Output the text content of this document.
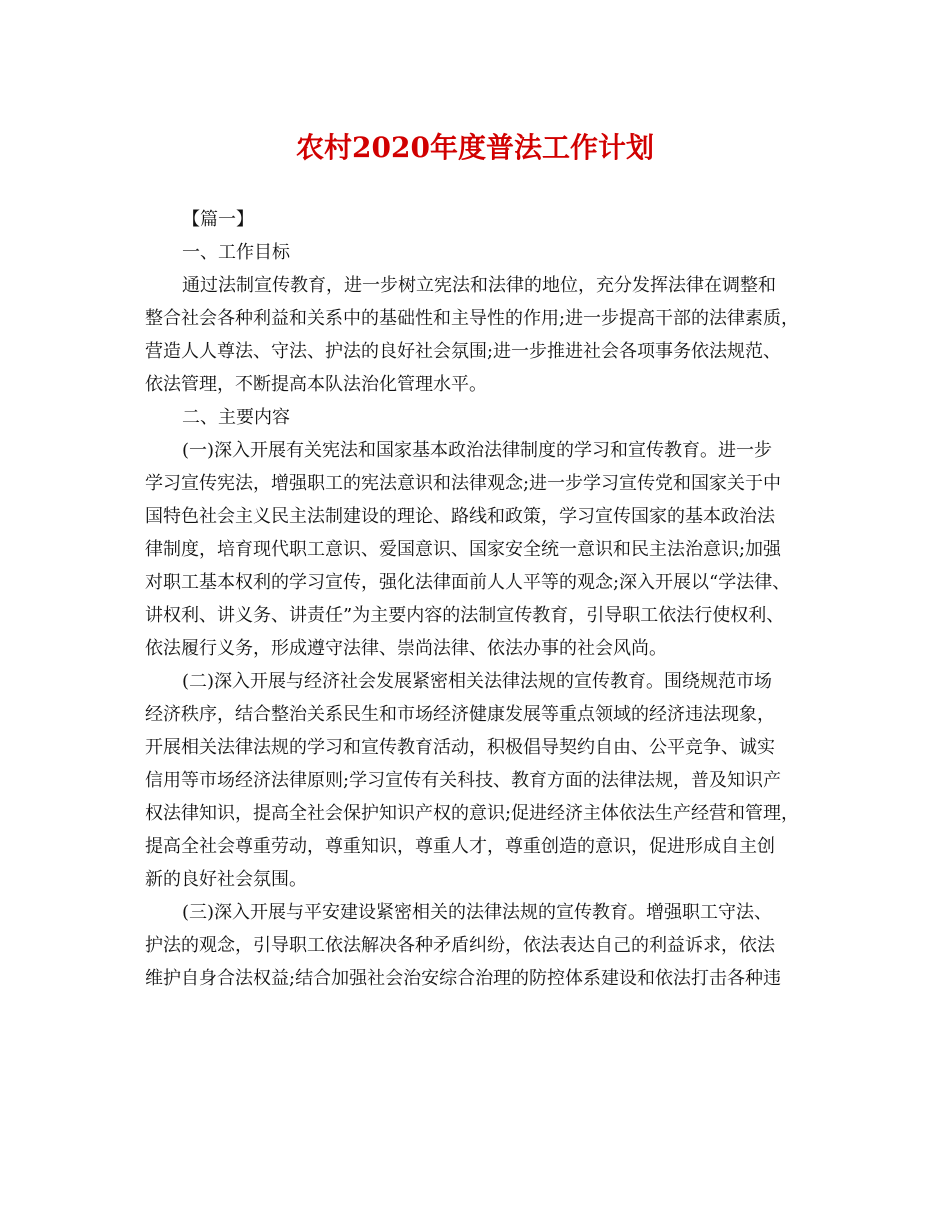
农村2020年度普法工作计划
【篇一】
一、工作目标
通过法制宣传教育，进一步树立宪法和法律的地位，充分发挥法律在调整和
整合社会各种利益和关系中的基础性和主导性的作用;进一步提高干部的法律素质，
营造人人尊法、守法、护法的良好社会氛围;进一步推进社会各项事务依法规范、
依法管理，不断提高本队法治化管理水平。
二、主要内容
(一)深入开展有关宪法和国家基本政治法律制度的学习和宣传教育。进一步
学习宣传宪法，增强职工的宪法意识和法律观念;进一步学习宣传党和国家关于中
国特色社会主义民主法制建设的理论、路线和政策，学习宣传国家的基本政治法
律制度，培育现代职工意识、爱国意识、国家安全统一意识和民主法治意识;加强
对职工基本权利的学习宣传，强化法律面前人人平等的观念;深入开展以“学法律、
讲权利、讲义务、讲责任”为主要内容的法制宣传教育，引导职工依法行使权利、
依法履行义务，形成遵守法律、崇尚法律、依法办事的社会风尚。
(二)深入开展与经济社会发展紧密相关法律法规的宣传教育。围绕规范市场
经济秩序，结合整治关系民生和市场经济健康发展等重点领域的经济违法现象，
开展相关法律法规的学习和宣传教育活动，积极倡导契约自由、公平竞争、诚实
信用等市场经济法律原则;学习宣传有关科技、教育方面的法律法规，普及知识产
权法律知识，提高全社会保护知识产权的意识;促进经济主体依法生产经营和管理，
提高全社会尊重劳动，尊重知识，尊重人才，尊重创造的意识，促进形成自主创
新的良好社会氛围。
(三)深入开展与平安建设紧密相关的法律法规的宣传教育。增强职工守法、
护法的观念，引导职工依法解决各种矛盾纠纷，依法表达自己的利益诉求，依法
维护自身合法权益;结合加强社会治安综合治理的防控体系建设和依法打击各种违
